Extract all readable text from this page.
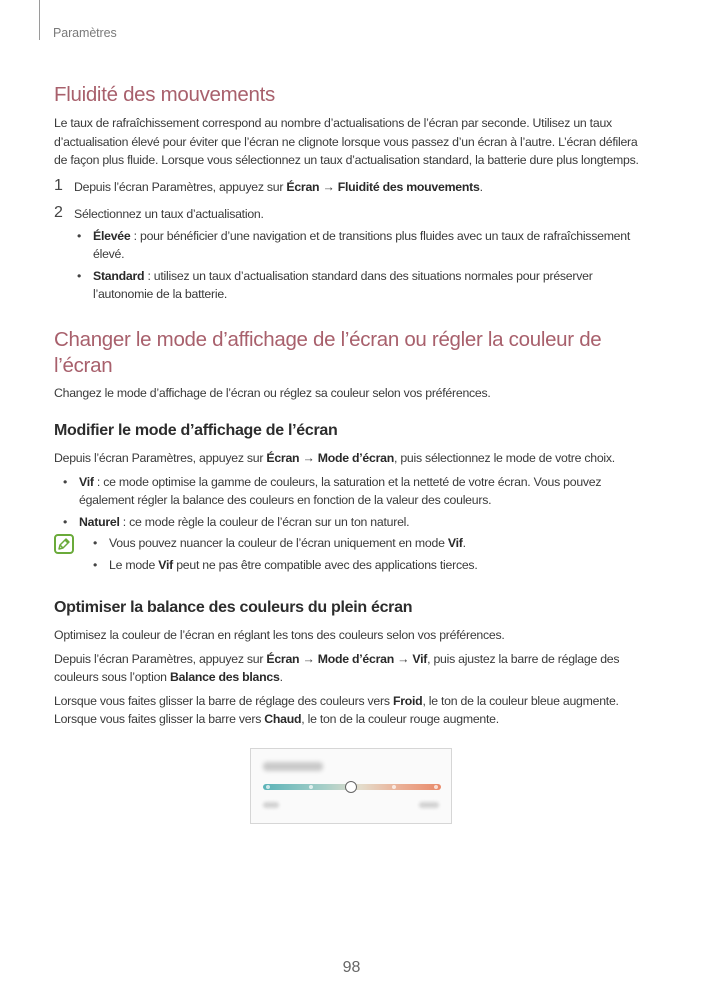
Paramètres
Fluidité des mouvements

Le taux de rafraîchissement correspond au nombre d’actualisations de l’écran par seconde. Utilisez un taux d’actualisation élevé pour éviter que l’écran ne clignote lorsque vous passez d’un écran à l’autre. L’écran défilera de façon plus fluide. Lorsque vous sélectionnez un taux d’actualisation standard, la batterie dure plus longtemps.

1 Depuis l’écran Paramètres, appuyez sur Écran → Fluidité des mouvements.
2 Sélectionnez un taux d’actualisation.
• Élevée : pour bénéficier d’une navigation et de transitions plus fluides avec un taux de rafraîchissement élevé.
• Standard : utilisez un taux d’actualisation standard dans des situations normales pour préserver l’autonomie de la batterie.
Changer le mode d’affichage de l’écran ou régler la couleur de l’écran

Changez le mode d’affichage de l’écran ou réglez sa couleur selon vos préférences.

Modifier le mode d’affichage de l’écran

Depuis l’écran Paramètres, appuyez sur Écran → Mode d’écran, puis sélectionnez le mode de votre choix.

• Vif : ce mode optimise la gamme de couleurs, la saturation et la netteté de votre écran. Vous pouvez également régler la balance des couleurs en fonction de la valeur des couleurs.
• Naturel : ce mode règle la couleur de l’écran sur un ton naturel.
• Vous pouvez nuancer la couleur de l’écran uniquement en mode Vif.
• Le mode Vif peut ne pas être compatible avec des applications tierces.
Optimiser la balance des couleurs du plein écran

Optimisez la couleur de l’écran en réglant les tons des couleurs selon vos préférences.

Depuis l’écran Paramètres, appuyez sur Écran → Mode d’écran → Vif, puis ajustez la barre de réglage des couleurs sous l’option Balance des blancs.

Lorsque vous faites glisser la barre de réglage des couleurs vers Froid, le ton de la couleur bleue augmente. Lorsque vous faites glisser la barre vers Chaud, le ton de la couleur rouge augmente.

98
